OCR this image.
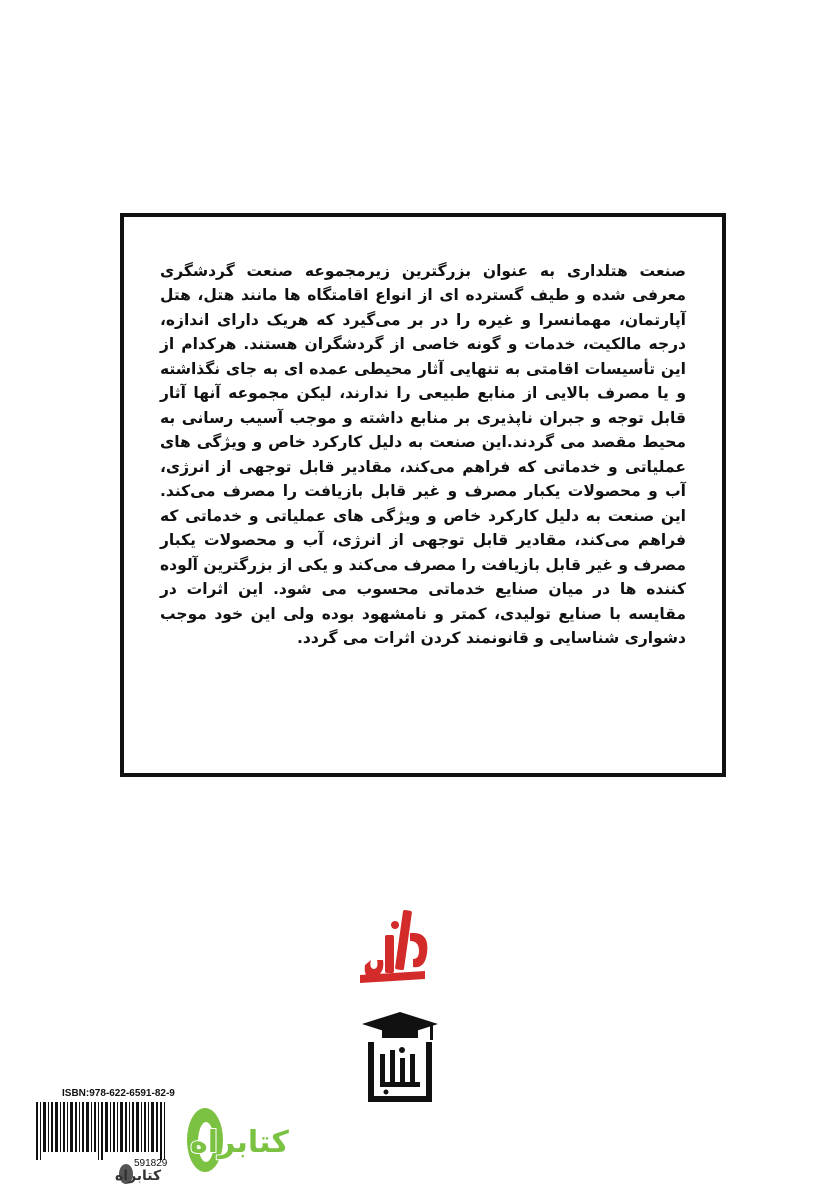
صنعت هتلداری به عنوان بزرگترین زیرمجموعه صنعت گردشگری معرفی شده و طیف گسترده ای از انواع اقامتگاه ها مانند هتل، هتل آپارتمان، مهمانسرا و غیره را در بر می‌گیرد که هریک دارای اندازه، درجه مالکیت، خدمات و گونه خاصی از گردشگران هستند. هرکدام از این تأسیسات اقامتی به تنهایی آثار محیطی عمده ای به جای نگذاشته و یا مصرف بالایی از منابع طبیعی را ندارند، لیکن مجموعه آنها آثار قابل توجه و جبران ناپذیری بر منابع داشته و موجب آسیب رسانی به محیط مقصد می گردند.این صنعت به دلیل کارکرد خاص و ویژگی های عملیاتی و خدماتی که فراهم می‌کند، مقادیر قابل توجهی از انرژی، آب و محصولات یکبار مصرف و غیر قابل بازیافت را مصرف می‌کند. این صنعت به دلیل کارکرد خاص و ویژگی های عملیاتی و خدماتی که فراهم می‌کند، مقادیر قابل توجهی از انرژی، آب و محصولات یکبار مصرف و غیر قابل بازیافت را مصرف می‌کند و یکی از بزرگترین آلوده کننده ها در میان صنایع خدماتی محسوب می شود. این اثرات در مقایسه با صنایع تولیدی، کمتر و نامشهود بوده ولی این خود موجب دشواری شناسایی و قانونمند کردن اثرات می گردد.

وهاز
شریف
ISBN:978-622-6591-82-9
591829
کتابراه
کتابراه
